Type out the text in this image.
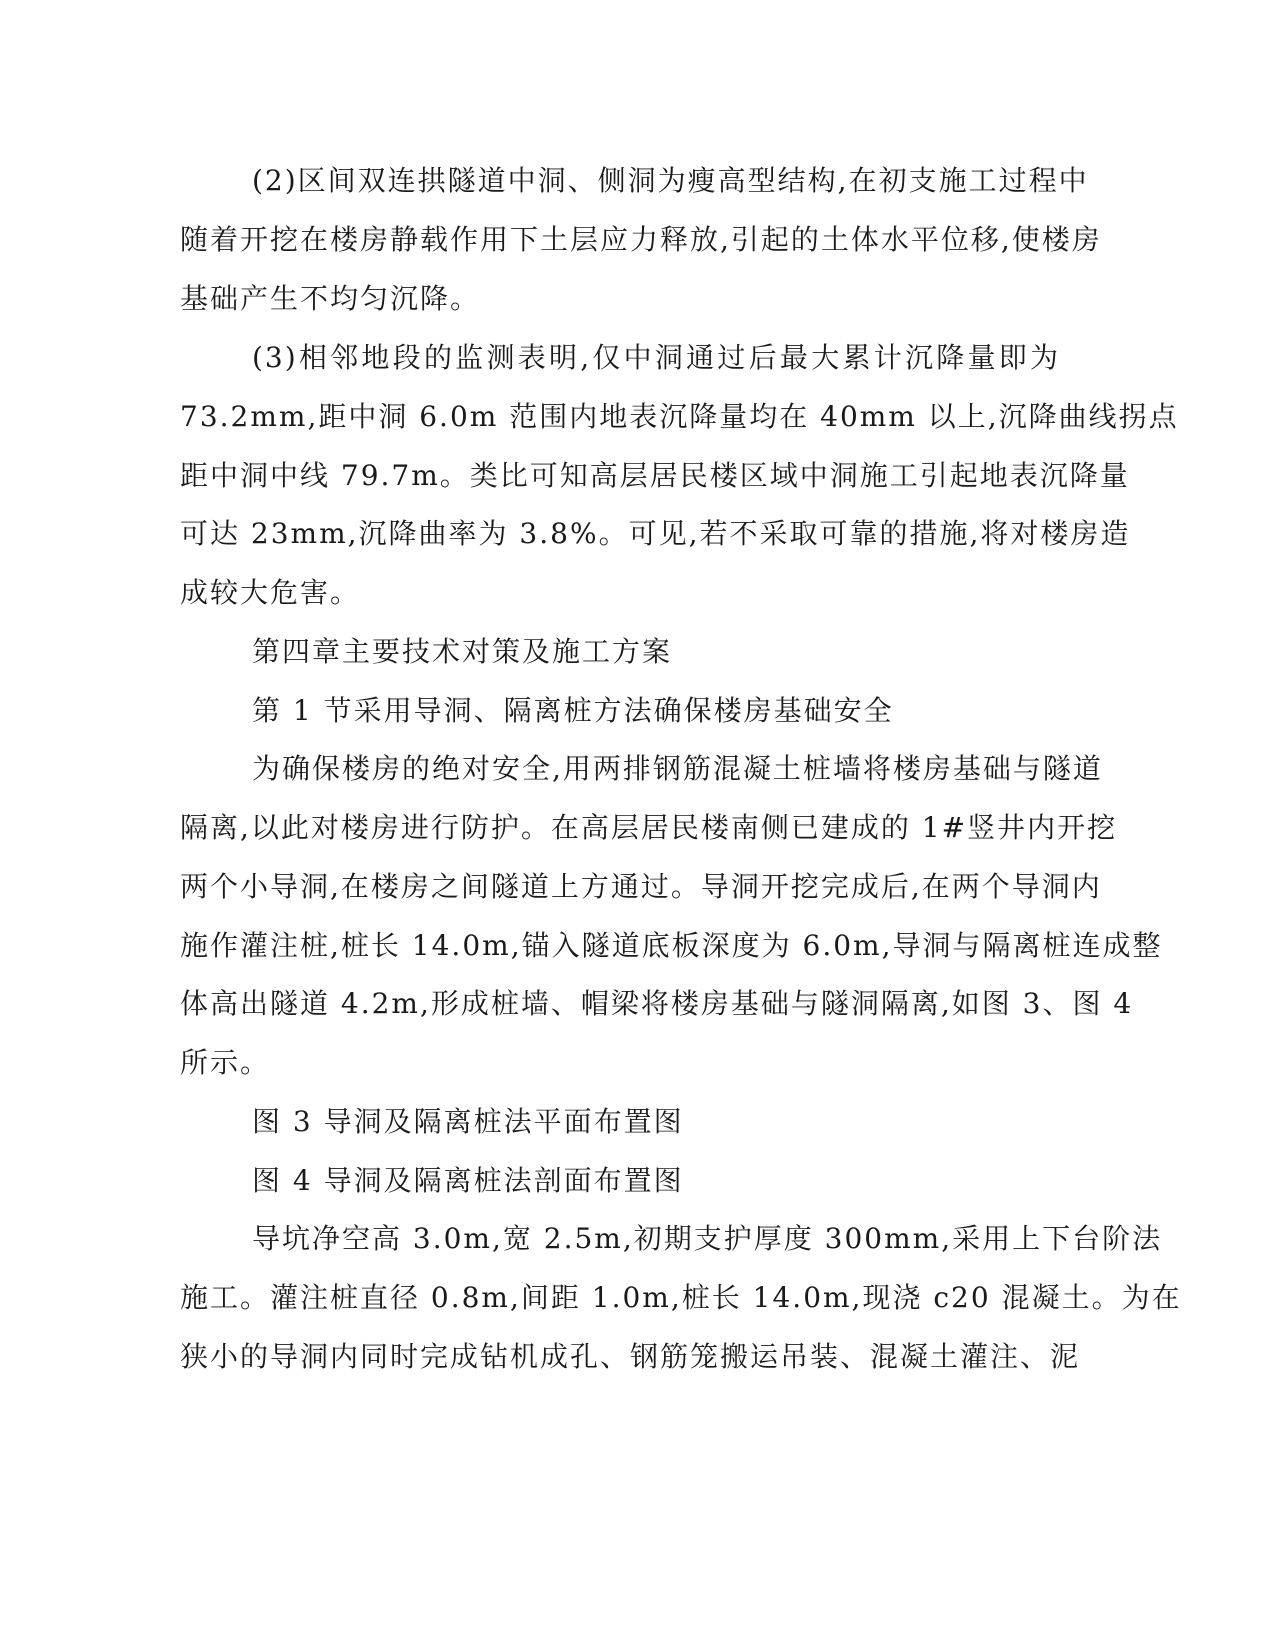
(2)区间双连拱隧道中洞、侧洞为瘦高型结构,在初支施工过程中
随着开挖在楼房静载作用下土层应力释放,引起的土体水平位移,使楼房
基础产生不均匀沉降。
(3)相邻地段的监测表明,仅中洞通过后最大累计沉降量即为
73.2mm,距中洞 6.0m 范围内地表沉降量均在 40mm 以上,沉降曲线拐点
距中洞中线 79.7m。类比可知高层居民楼区域中洞施工引起地表沉降量
可达 23mm,沉降曲率为 3.8%。可见,若不采取可靠的措施,将对楼房造
成较大危害。
第四章主要技术对策及施工方案
第 1 节采用导洞、隔离桩方法确保楼房基础安全
为确保楼房的绝对安全,用两排钢筋混凝土桩墙将楼房基础与隧道
隔离,以此对楼房进行防护。在高层居民楼南侧已建成的 1#竖井内开挖
两个小导洞,在楼房之间隧道上方通过。导洞开挖完成后,在两个导洞内
施作灌注桩,桩长 14.0m,锚入隧道底板深度为 6.0m,导洞与隔离桩连成整
体高出隧道 4.2m,形成桩墙、帽梁将楼房基础与隧洞隔离,如图 3、图 4
所示。
图 3 导洞及隔离桩法平面布置图
图 4 导洞及隔离桩法剖面布置图
导坑净空高 3.0m,宽 2.5m,初期支护厚度 300mm,采用上下台阶法
施工。灌注桩直径 0.8m,间距 1.0m,桩长 14.0m,现浇 c20 混凝土。为在
狭小的导洞内同时完成钻机成孔、钢筋笼搬运吊装、混凝土灌注、泥
